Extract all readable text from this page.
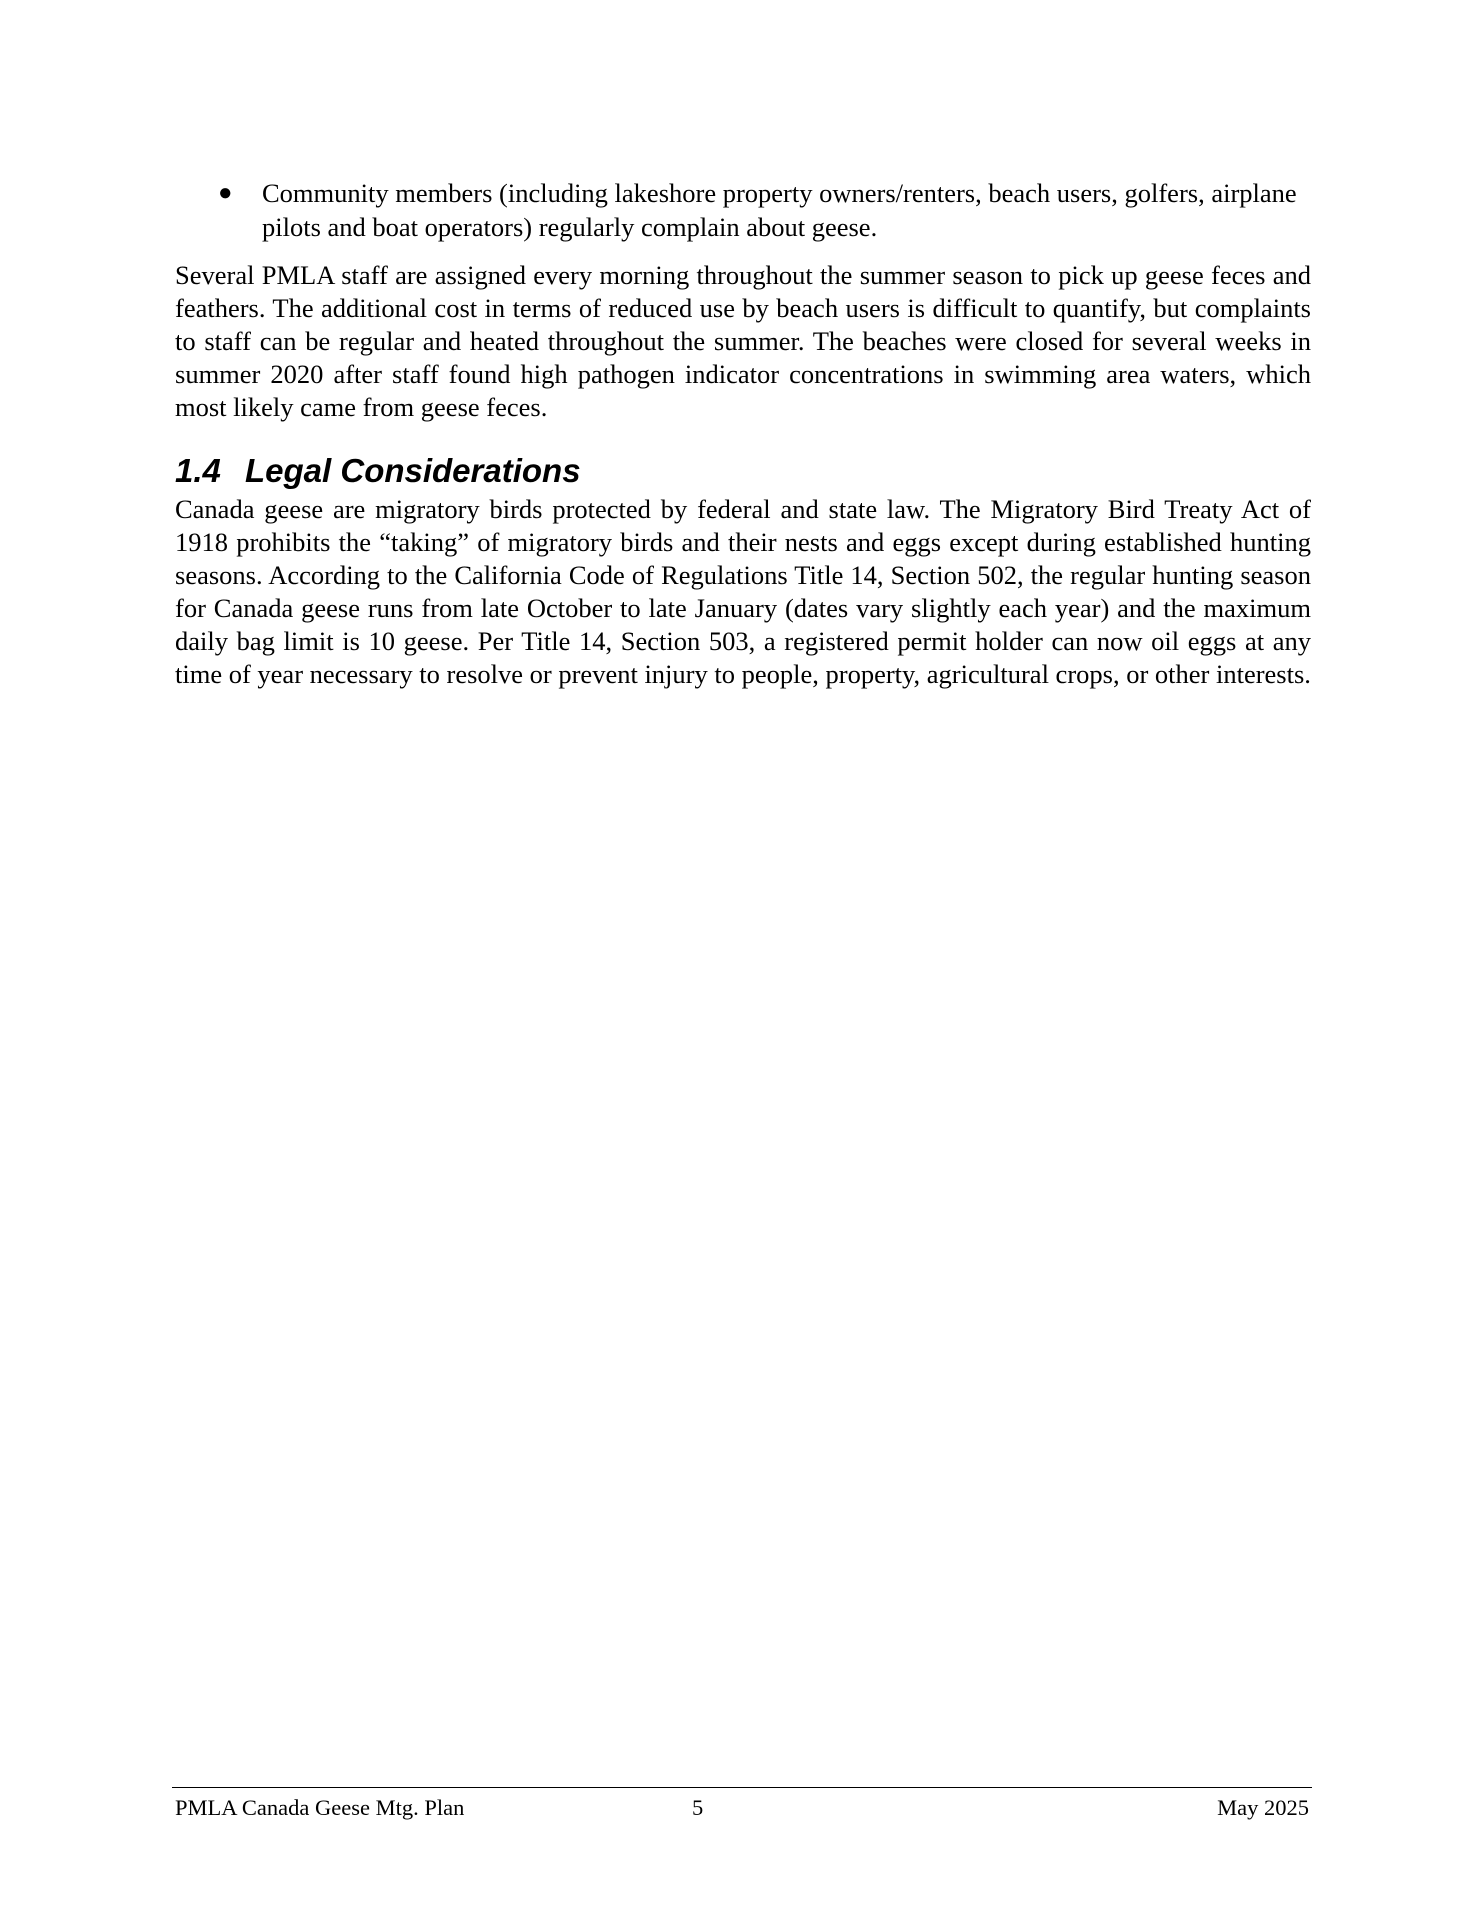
● Community members (including lakeshore property owners/renters, beach users, golfers, airplane pilots and boat operators) regularly complain about geese.

Several PMLA staff are assigned every morning throughout the summer season to pick up geese feces and feathers. The additional cost in terms of reduced use by beach users is difficult to quantify, but complaints to staff can be regular and heated throughout the summer. The beaches were closed for several weeks in summer 2020 after staff found high pathogen indicator concentrations in swimming area waters, which most likely came from geese feces.

1.4 Legal Considerations

Canada geese are migratory birds protected by federal and state law. The Migratory Bird Treaty Act of 1918 prohibits the “taking” of migratory birds and their nests and eggs except during established hunting seasons. According to the California Code of Regulations Title 14, Section 502, the regular hunting season for Canada geese runs from late October to late January (dates vary slightly each year) and the maximum daily bag limit is 10 geese. Per Title 14, Section 503, a registered permit holder can now oil eggs at any time of year necessary to resolve or prevent injury to people, property, agricultural crops, or other interests.

PMLA Canada Geese Mtg. Plan	5	May 2025
